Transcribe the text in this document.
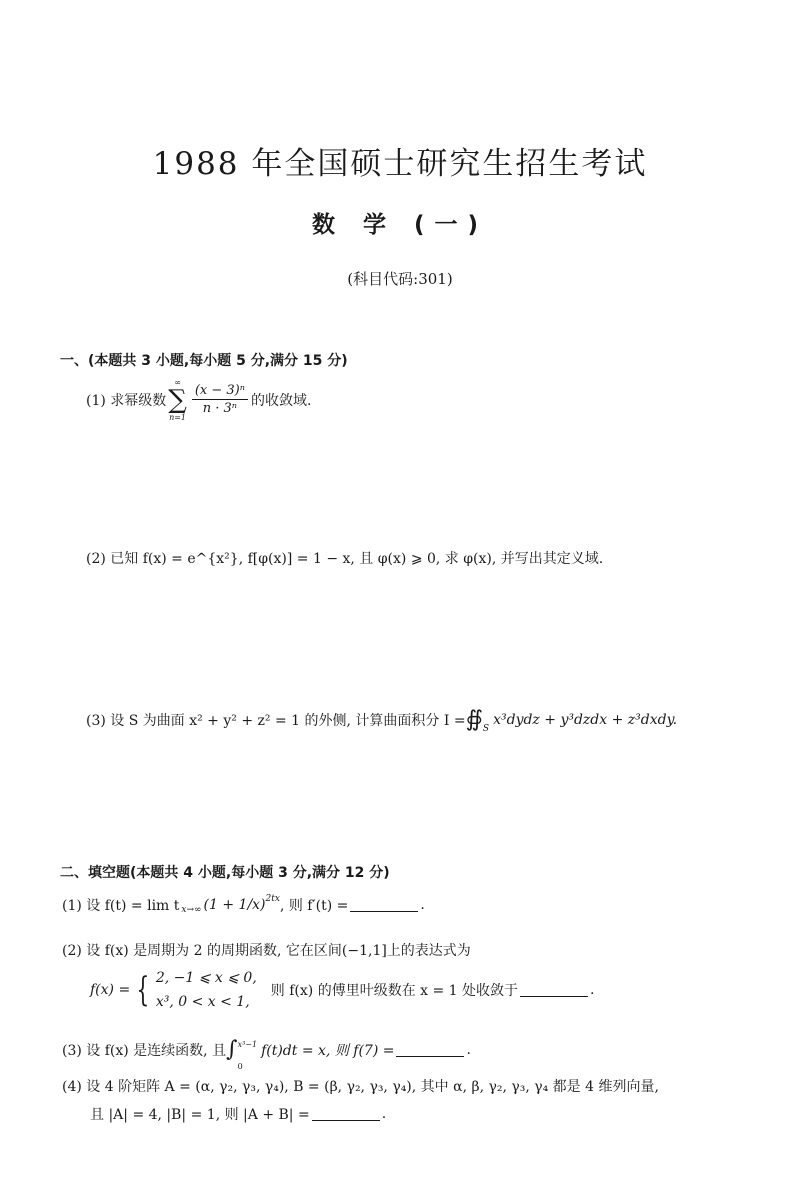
1988 年全国硕士研究生招生考试
数 学 (一)
(科目代码:301)
一、(本题共 3 小题,每小题 5 分,满分 15 分)
(1) 求幂级数
∞
∑
$n=1 \frac{\text{(x − 3)ⁿ}}{\text{n · 3ⁿ}}$ 的收敛域.
(2) 已知 f(x) = e^{x²}, f[φ(x)] = 1 − x, 且 φ(x) ⩾ 0, 求 φ(x), 并写出其定义域.
(3) 设 S 为曲面 x² + y² + z² = 1 的外侧, 计算曲面积分 $I = ∯_S$
x³dydz + y³dzdx + z³dxdy.
二、填空题(本题共 4 小题,每小题 3 分,满分 12 分)
(1) 设 $f(t) = \lim t_{x\to\infty}$ $(1 + 1/x)^{2tx}$ , 则 f′(t) =	.
(2) 设 f(x) 是周期为 2 的周期函数, 它在区间(−1,1]上的表达式为
f(x) = { 2, −1 ⩽ x ⩽ 0,
x³, 0 < x < 1,
则 f(x) 的傅里叶级数在 x = 1 处收敛于	.
(3) 设 f(x) 是连续函数, 且 ∫ x³−1
0
f(t)dt = x, 则 f(7) =	.
(4) 设 4 阶矩阵 A = (α, γ₂, γ₃, γ₄), B = (β, γ₂, γ₃, γ₄), 其中 α, β, γ₂, γ₃, γ₄ 都是 4 维列向量,
且 |A| = 4, |B| = 1, 则 |A + B| =	.
